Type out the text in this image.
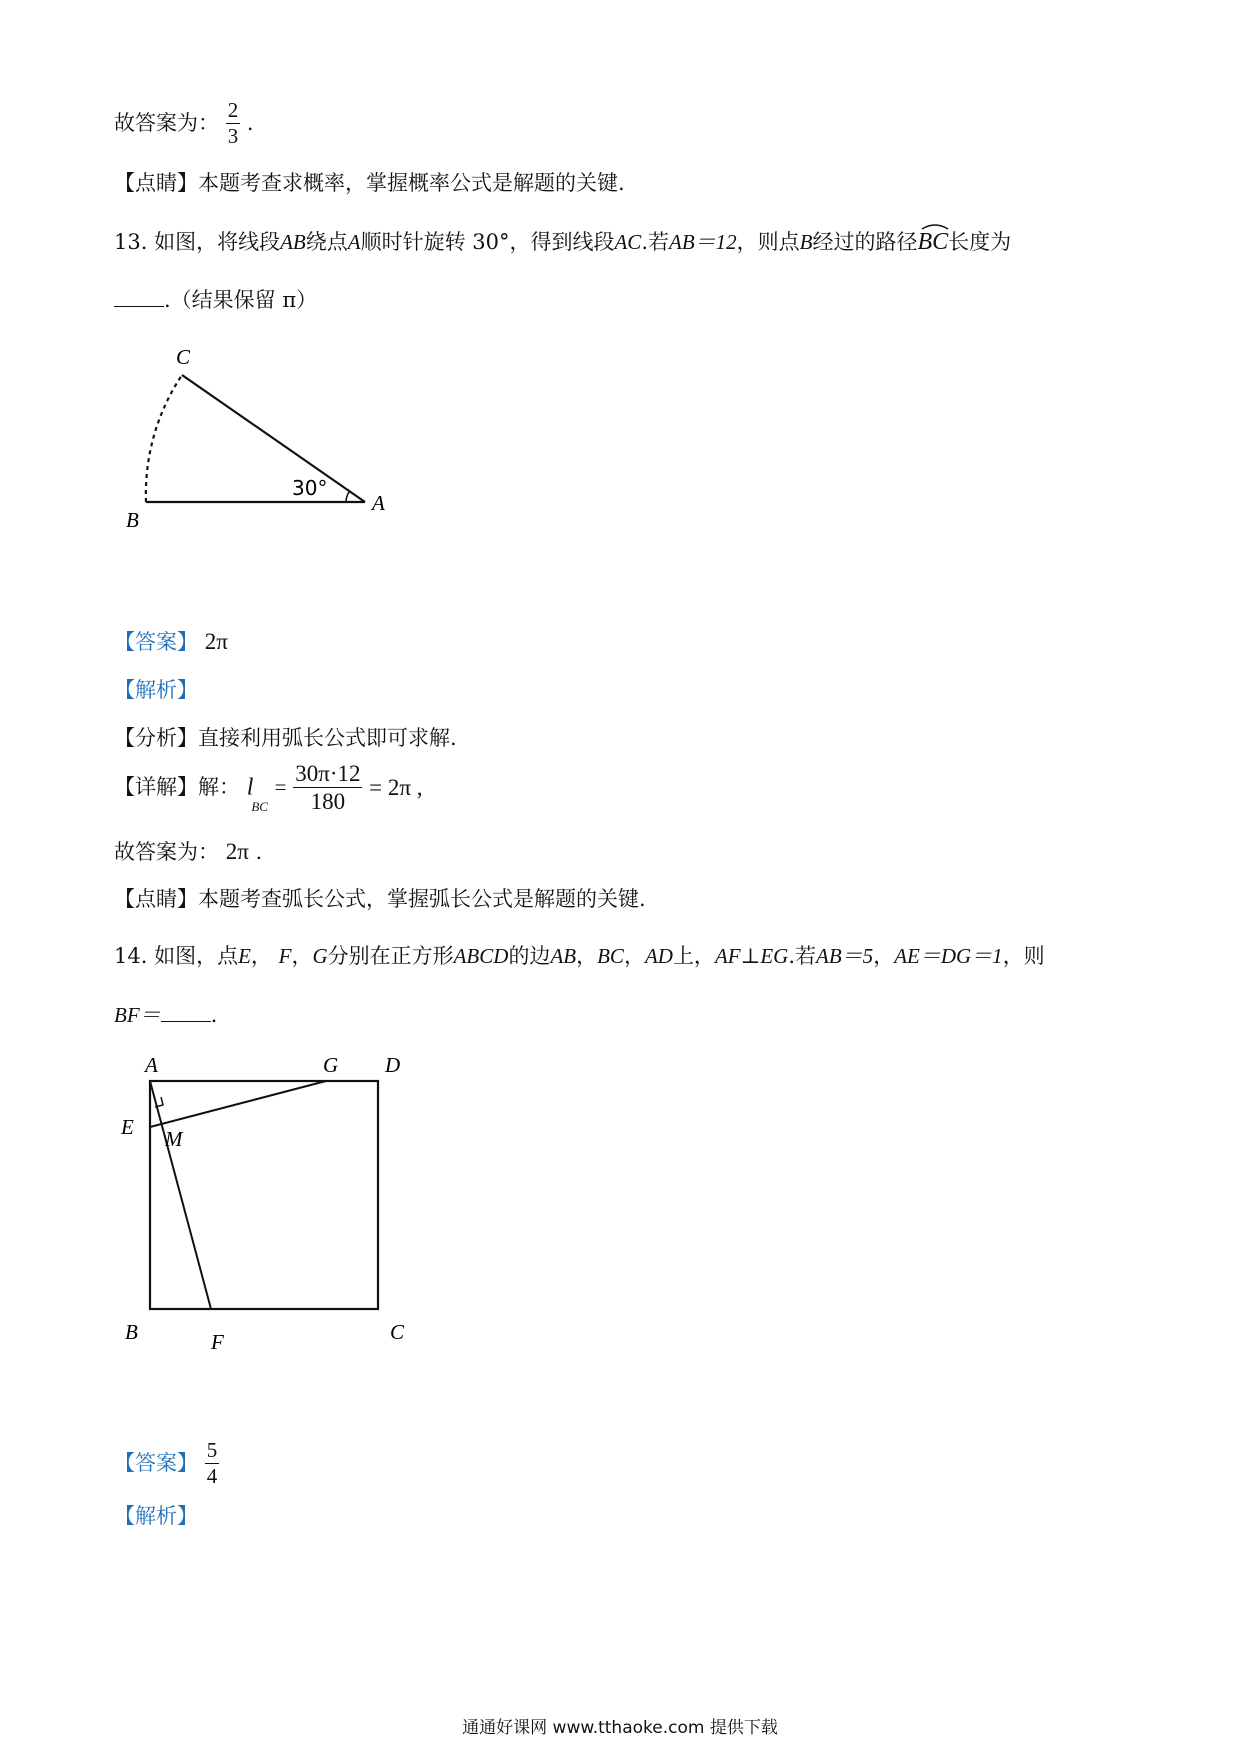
故答案为： $\frac{2}{3}$ .
【点睛】本题考查求概率，掌握概率公式是解题的关键.
13. 如图，将线段AB绕点A顺时针旋转 30°，得到线段AC.若AB＝12，则点B经过的路径BC
长度为
.（结果保留 π）
C
B
A
30°
【答案】 2π
【解析】
【分析】直接利用弧长公式即可求解.
【详解】解： $l_{BC} = \frac{30\pi\cdot 12}{180} = 2\pi$ ,
故答案为： 2π .
【点睛】本题考查弧长公式，掌握弧长公式是解题的关键.
14. 如图，点E， F，G分别在正方形ABCD的边AB，BC，AD上，AF⊥EG.若AB＝5，AE＝DG＝1，则
BF＝ .
A	G D
E M
B	F	C
【答案】 $\frac{5}{4}$
【解析】
通通好课网 www.tthaoke.com 提供下载
